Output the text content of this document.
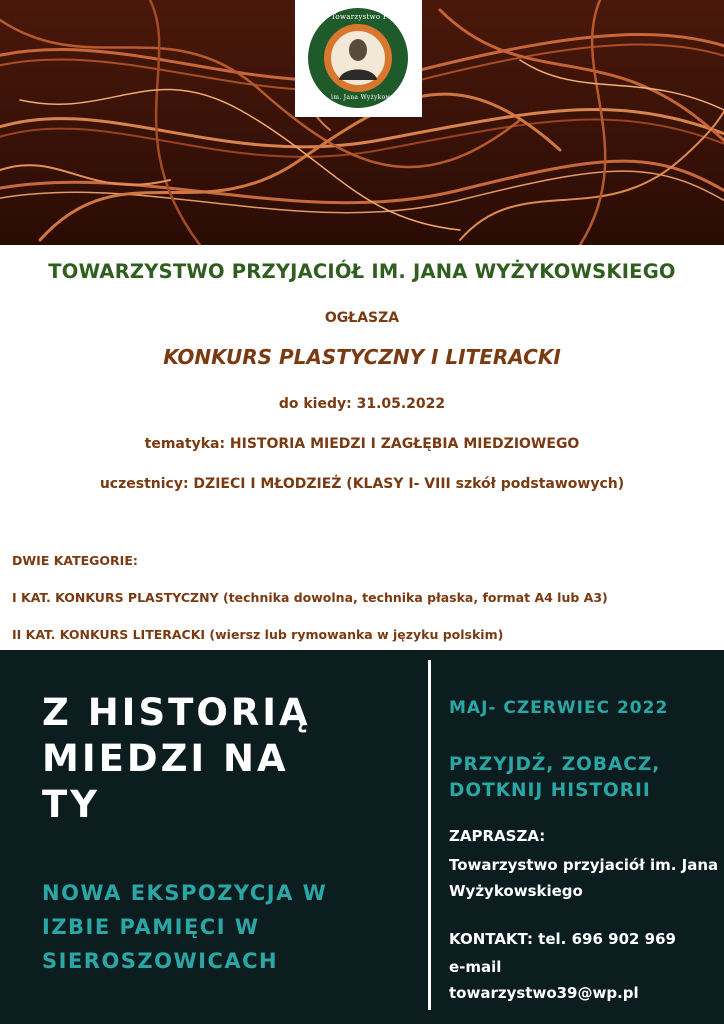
Towarzystwo Przyjaciół
im. Jana Wyżykowskiego
TOWARZYSTWO PRZYJACIÓŁ IM. JANA WYŻYKOWSKIEGO
OGŁASZA
KONKURS PLASTYCZNY I LITERACKI
do kiedy: 31.05.2022
tematyka: HISTORIA MIEDZI I ZAGŁĘBIA MIEDZIOWEGO
uczestnicy: DZIECI I MŁODZIEŻ (KLASY I- VIII szkół podstawowych)
DWIE KATEGORIE:
I KAT. KONKURS PLASTYCZNY (technika dowolna, technika płaska, format A4 lub A3)
II KAT. KONKURS LITERACKI (wiersz lub rymowanka w języku polskim)
Z HISTORIĄ MIEDZI NA TY
NOWA EKSPOZYCJA W IZBIE PAMIĘCI W SIEROSZOWICACH
MAJ- CZERWIEC 2022
PRZYJDŹ, ZOBACZ, DOTKNIJ HISTORII
ZAPRASZA:
Towarzystwo przyjaciół im. Jana Wyżykowskiego
KONTAKT: tel. 696 902 969
e-mail
towarzystwo39@wp.pl
